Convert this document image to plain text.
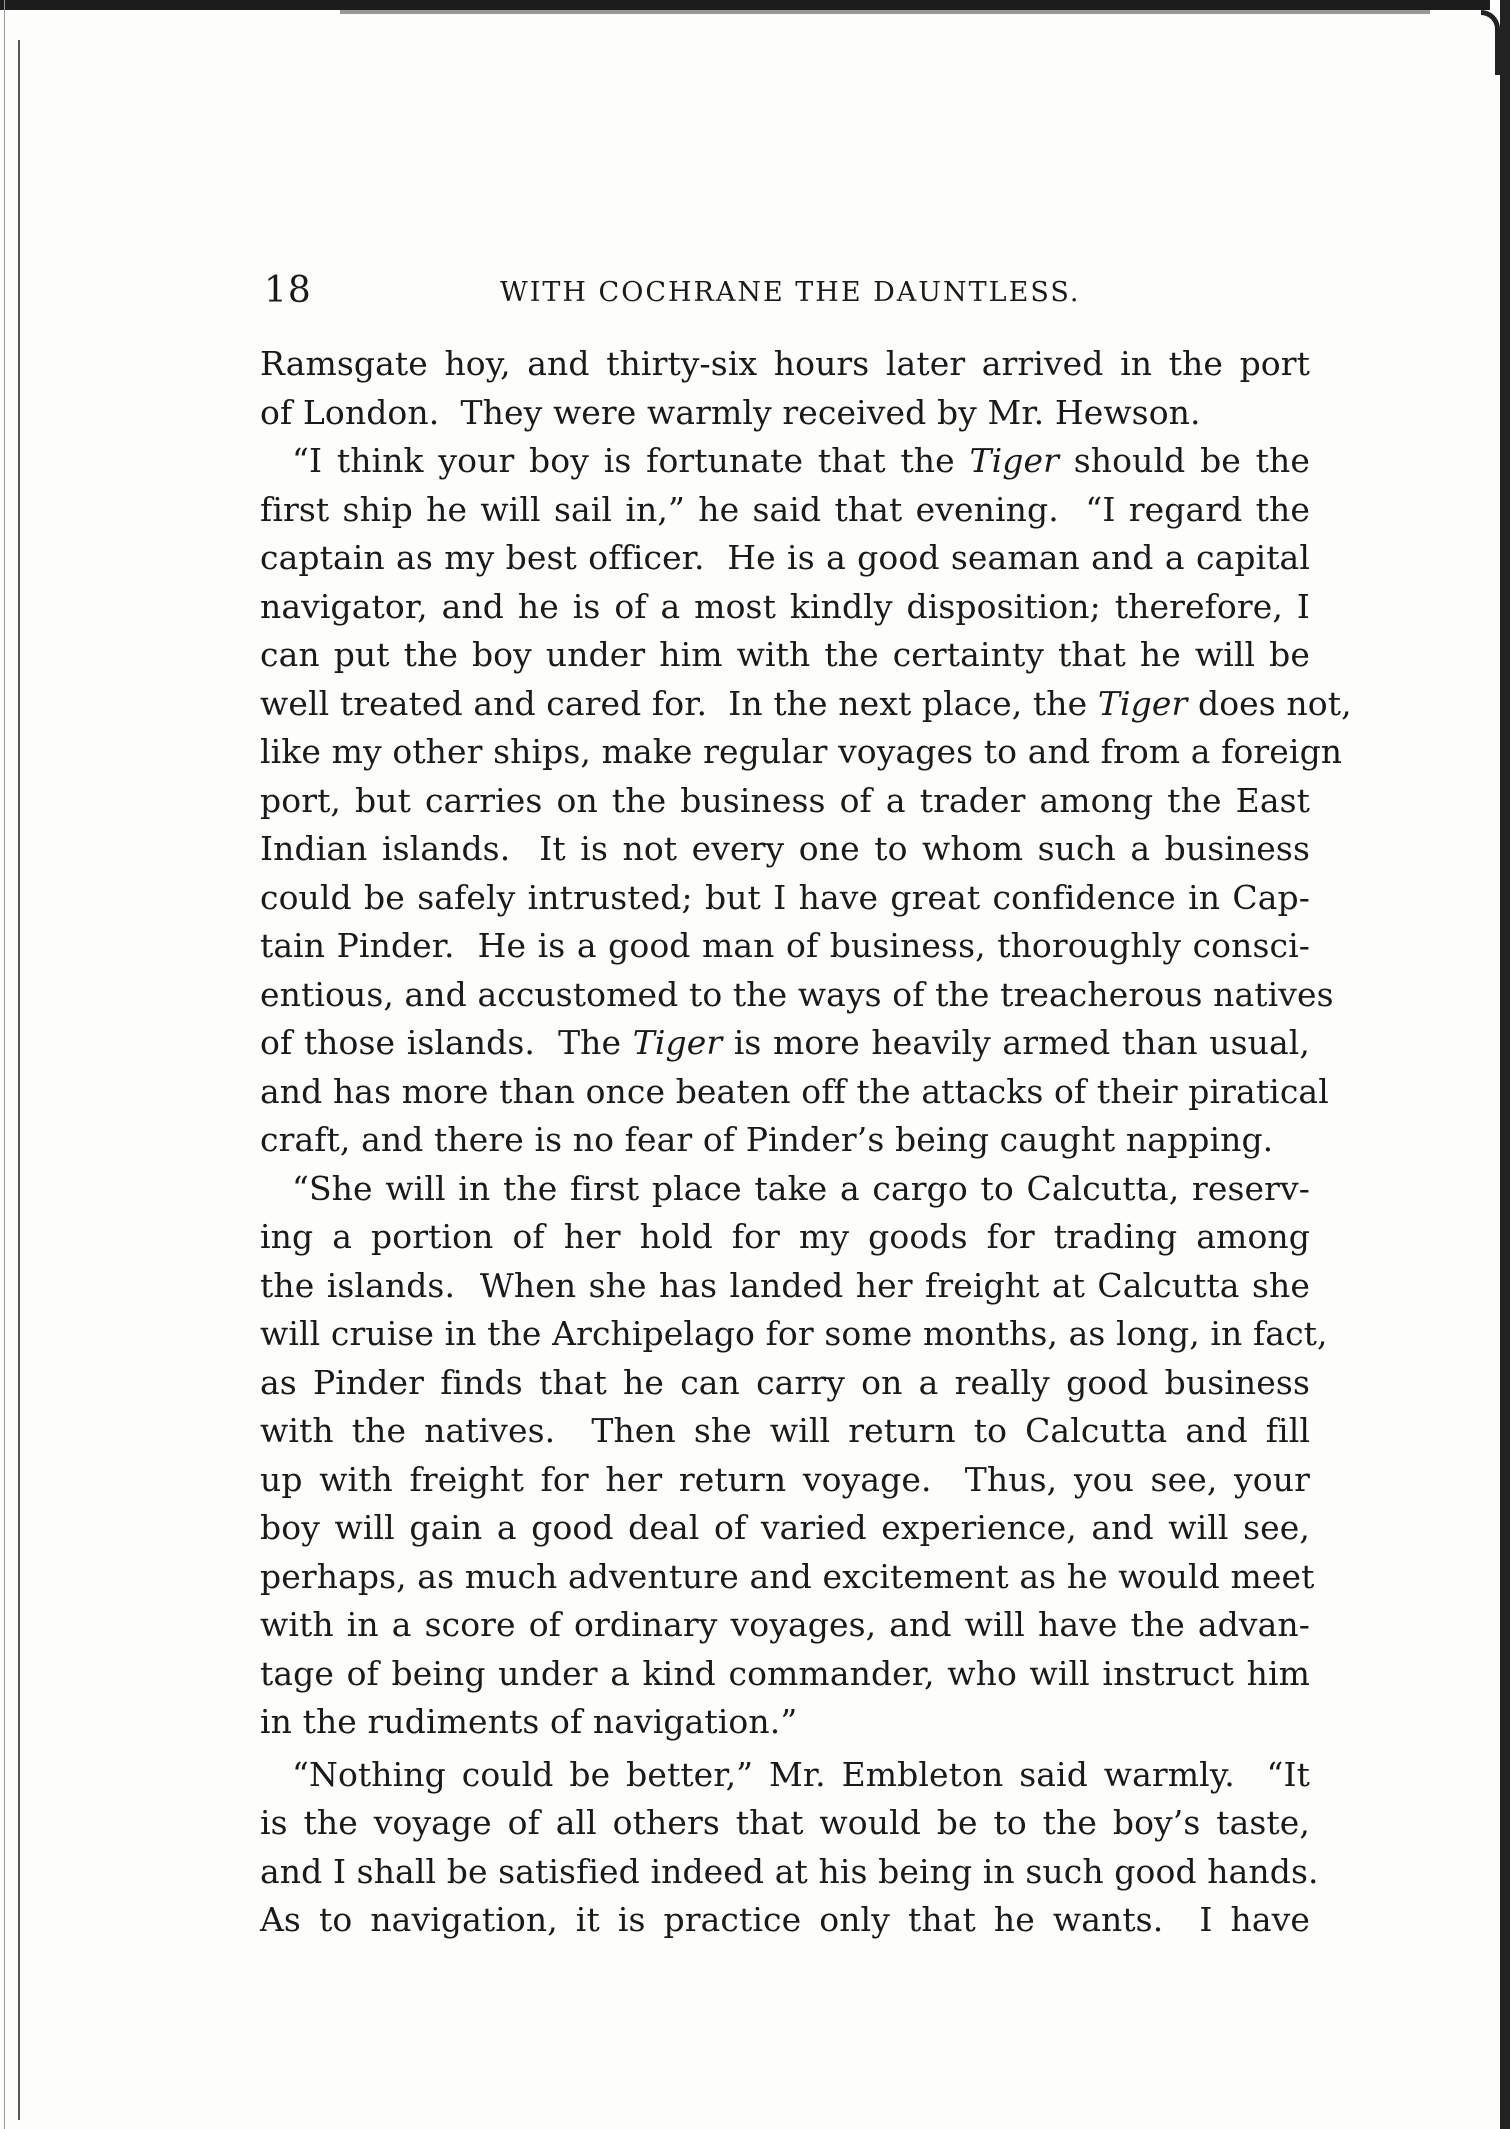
18	WITH COCHRANE THE DAUNTLESS.
Ramsgate hoy, and thirty-six hours later arrived in the port
of London.  They were warmly received by Mr. Hewson.
“I think your boy is fortunate that the Tiger should be the
first ship he will sail in,” he said that evening.  “I regard the
captain as my best officer.  He is a good seaman and a capital
navigator, and he is of a most kindly disposition; therefore, I
can put the boy under him with the certainty that he will be
well treated and cared for.  In the next place, the Tiger does not,
like my other ships, make regular voyages to and from a foreign
port, but carries on the business of a trader among the East
Indian islands.  It is not every one to whom such a business
could be safely intrusted; but I have great confidence in Cap-
tain Pinder.  He is a good man of business, thoroughly consci-
entious, and accustomed to the ways of the treacherous natives
of those islands.  The Tiger is more heavily armed than usual,
and has more than once beaten off the attacks of their piratical
craft, and there is no fear of Pinder’s being caught napping.
“She will in the first place take a cargo to Calcutta, reserv-
ing a portion of her hold for my goods for trading among
the islands.  When she has landed her freight at Calcutta she
will cruise in the Archipelago for some months, as long, in fact,
as Pinder finds that he can carry on a really good business
with the natives.  Then she will return to Calcutta and fill
up with freight for her return voyage.  Thus, you see, your
boy will gain a good deal of varied experience, and will see,
perhaps, as much adventure and excitement as he would meet
with in a score of ordinary voyages, and will have the advan-
tage of being under a kind commander, who will instruct him
in the rudiments of navigation.”
“Nothing could be better,” Mr. Embleton said warmly.  “It
is the voyage of all others that would be to the boy’s taste,
and I shall be satisfied indeed at his being in such good hands.
As to navigation, it is practice only that he wants.  I have
